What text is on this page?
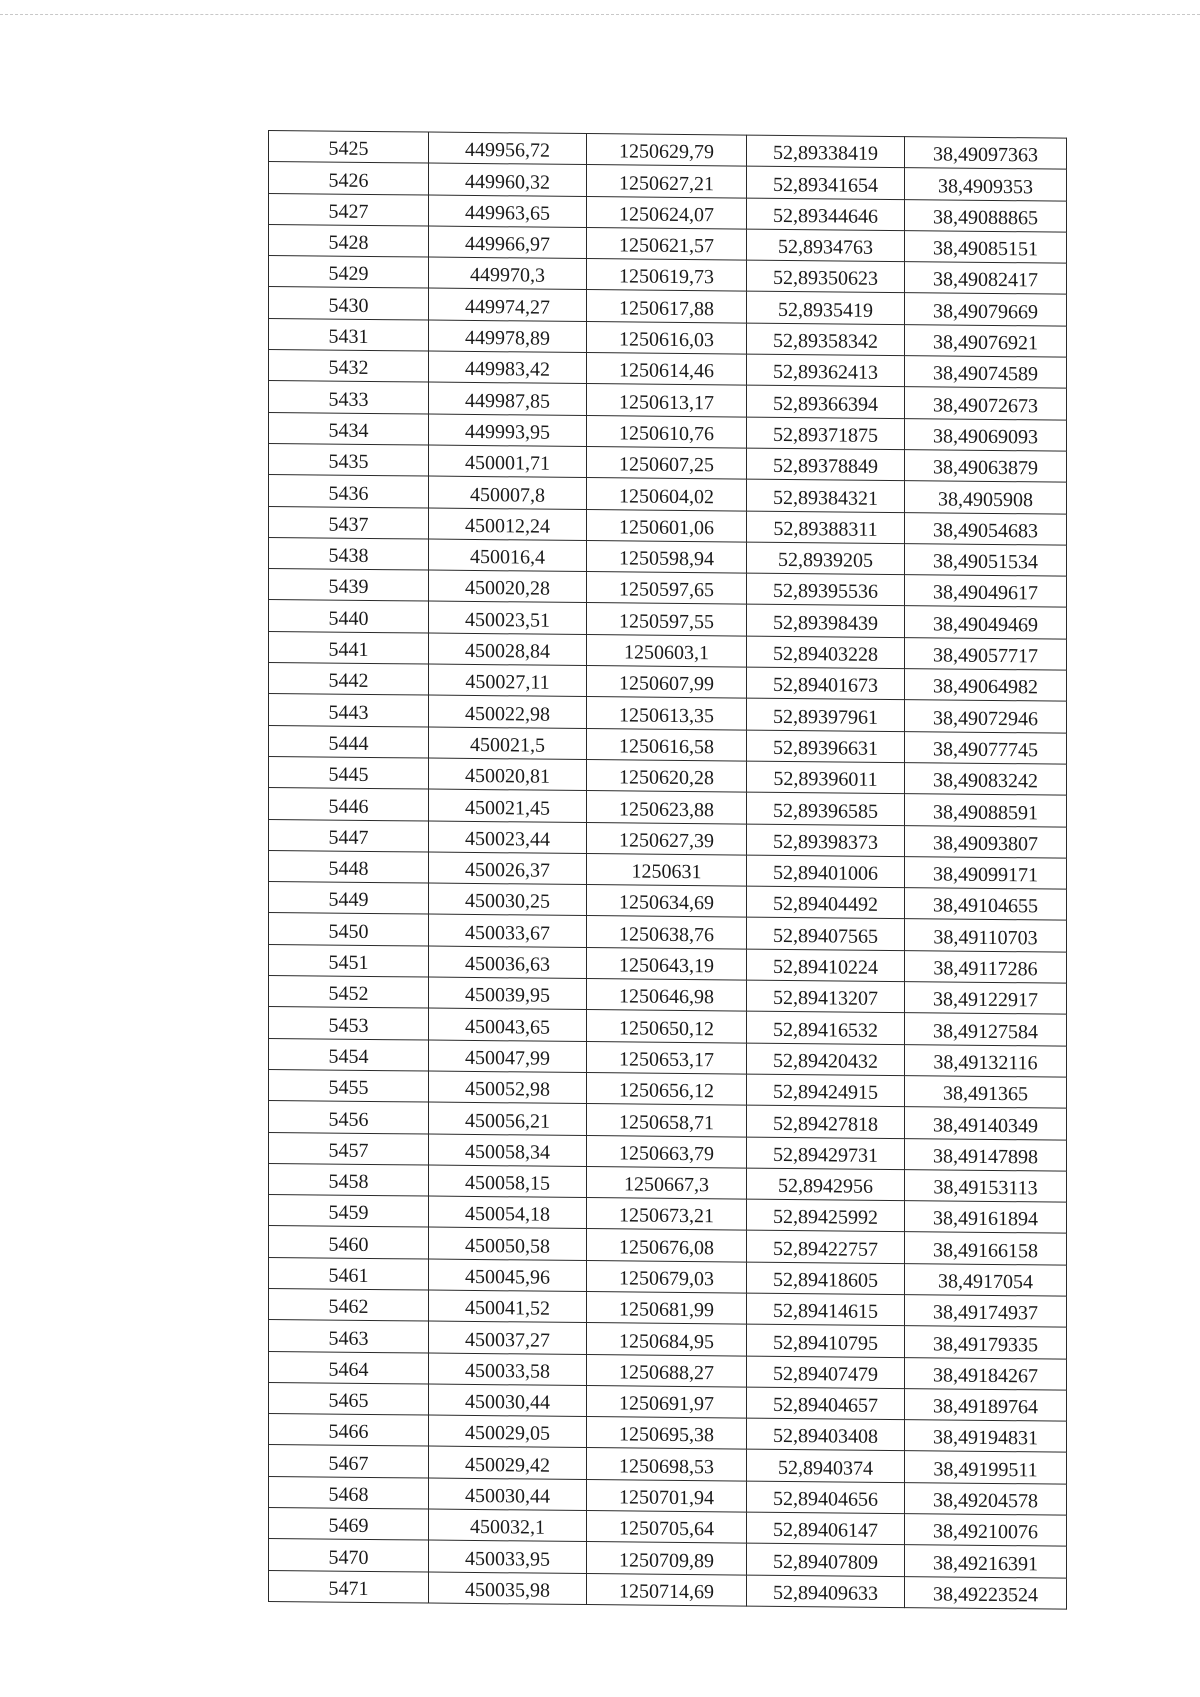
5425	449956,72	1250629,79	52,89338419	38,49097363
5426	449960,32	1250627,21	52,89341654	38,4909353
5427	449963,65	1250624,07	52,89344646	38,49088865
5428	449966,97	1250621,57	52,8934763	38,49085151
5429	449970,3	1250619,73	52,89350623	38,49082417
5430	449974,27	1250617,88	52,8935419	38,49079669
5431	449978,89	1250616,03	52,89358342	38,49076921
5432	449983,42	1250614,46	52,89362413	38,49074589
5433	449987,85	1250613,17	52,89366394	38,49072673
5434	449993,95	1250610,76	52,89371875	38,49069093
5435	450001,71	1250607,25	52,89378849	38,49063879
5436	450007,8	1250604,02	52,89384321	38,4905908
5437	450012,24	1250601,06	52,89388311	38,49054683
5438	450016,4	1250598,94	52,8939205	38,49051534
5439	450020,28	1250597,65	52,89395536	38,49049617
5440	450023,51	1250597,55	52,89398439	38,49049469
5441	450028,84	1250603,1	52,89403228	38,49057717
5442	450027,11	1250607,99	52,89401673	38,49064982
5443	450022,98	1250613,35	52,89397961	38,49072946
5444	450021,5	1250616,58	52,89396631	38,49077745
5445	450020,81	1250620,28	52,89396011	38,49083242
5446	450021,45	1250623,88	52,89396585	38,49088591
5447	450023,44	1250627,39	52,89398373	38,49093807
5448	450026,37	1250631	52,89401006	38,49099171
5449	450030,25	1250634,69	52,89404492	38,49104655
5450	450033,67	1250638,76	52,89407565	38,49110703
5451	450036,63	1250643,19	52,89410224	38,49117286
5452	450039,95	1250646,98	52,89413207	38,49122917
5453	450043,65	1250650,12	52,89416532	38,49127584
5454	450047,99	1250653,17	52,89420432	38,49132116
5455	450052,98	1250656,12	52,89424915	38,491365
5456	450056,21	1250658,71	52,89427818	38,49140349
5457	450058,34	1250663,79	52,89429731	38,49147898
5458	450058,15	1250667,3	52,8942956	38,49153113
5459	450054,18	1250673,21	52,89425992	38,49161894
5460	450050,58	1250676,08	52,89422757	38,49166158
5461	450045,96	1250679,03	52,89418605	38,4917054
5462	450041,52	1250681,99	52,89414615	38,49174937
5463	450037,27	1250684,95	52,89410795	38,49179335
5464	450033,58	1250688,27	52,89407479	38,49184267
5465	450030,44	1250691,97	52,89404657	38,49189764
5466	450029,05	1250695,38	52,89403408	38,49194831
5467	450029,42	1250698,53	52,8940374	38,49199511
5468	450030,44	1250701,94	52,89404656	38,49204578
5469	450032,1	1250705,64	52,89406147	38,49210076
5470	450033,95	1250709,89	52,89407809	38,49216391
5471	450035,98	1250714,69	52,89409633	38,49223524
